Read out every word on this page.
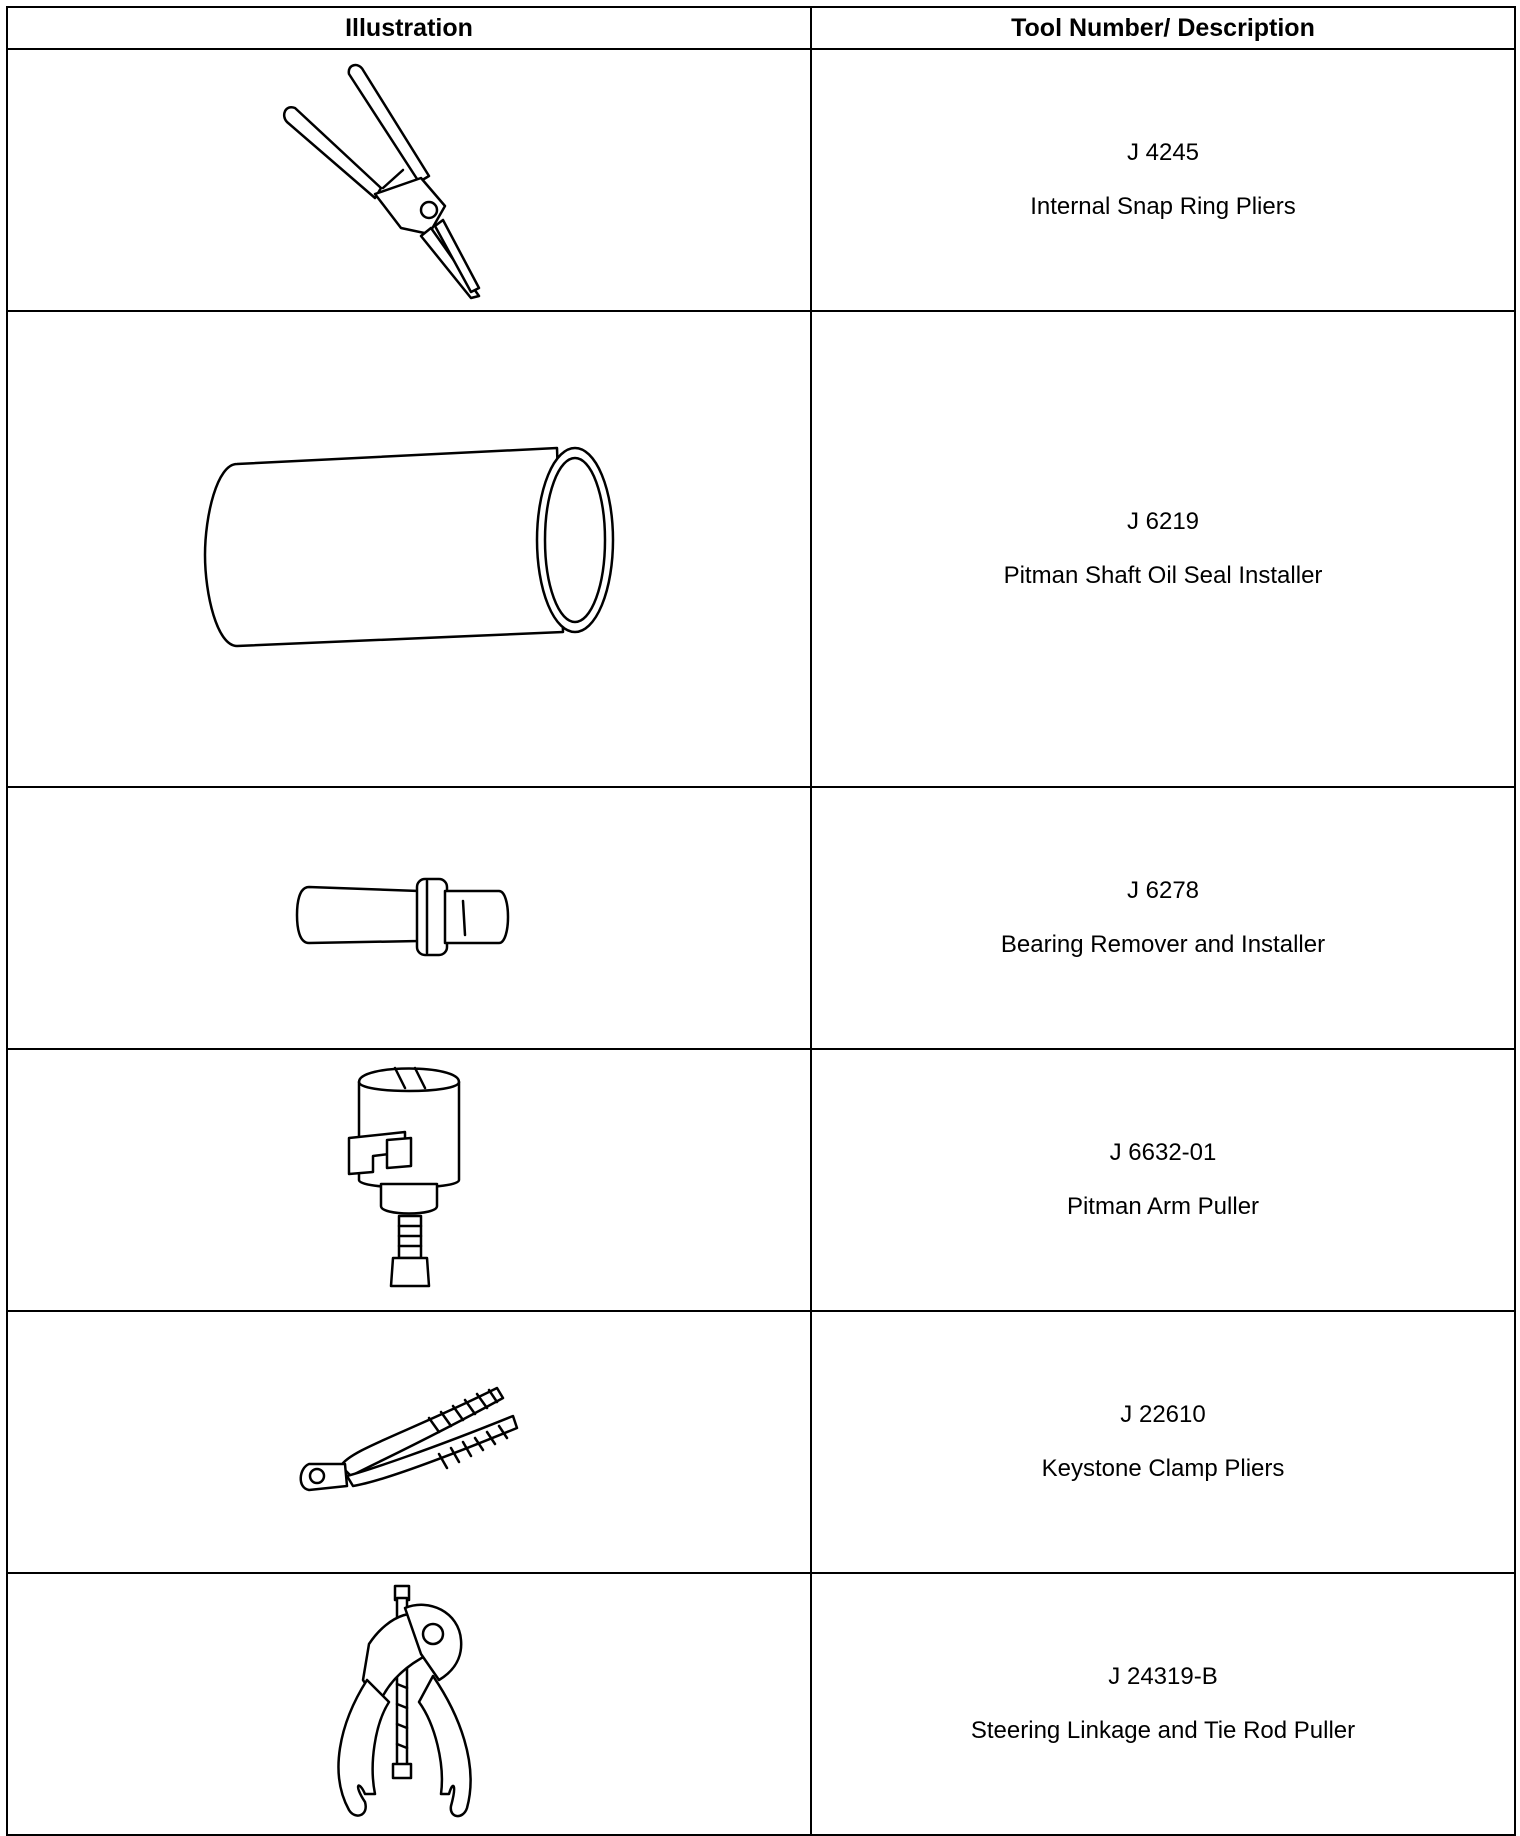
Illustration	Tool Number/ Description

J 4245
Internal Snap Ring Pliers

J 6219
Pitman Shaft Oil Seal Installer

J 6278
Bearing Remover and Installer

J 6632-01
Pitman Arm Puller

J 22610
Keystone Clamp Pliers

J 24319-B
Steering Linkage and Tie Rod Puller
